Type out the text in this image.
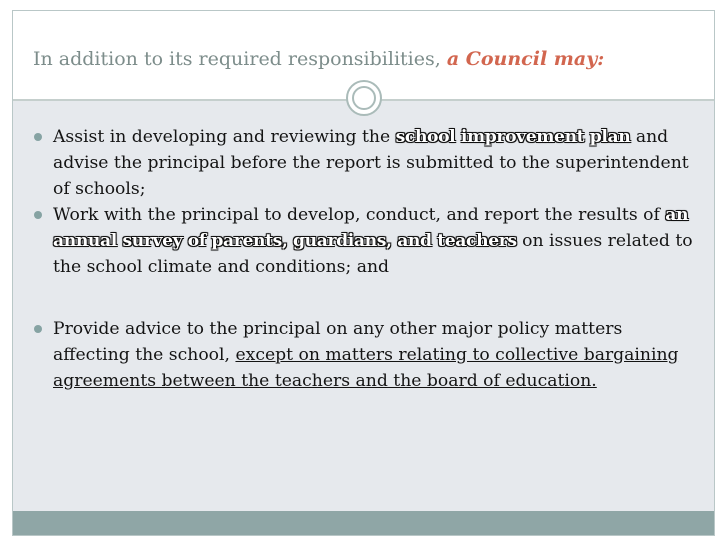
In addition to its required responsibilities, a Council may:
Assist in developing and reviewing the school improvement plan and advise the principal before the report is submitted to the superintendent of schools;
Work with the principal to develop, conduct, and report the results of an annual survey of parents, guardians, and teachers on issues related to the school climate and conditions; and
Provide advice to the principal on any other major policy matters affecting the school, except on matters relating to collective bargaining agreements between the teachers and the board of education.
